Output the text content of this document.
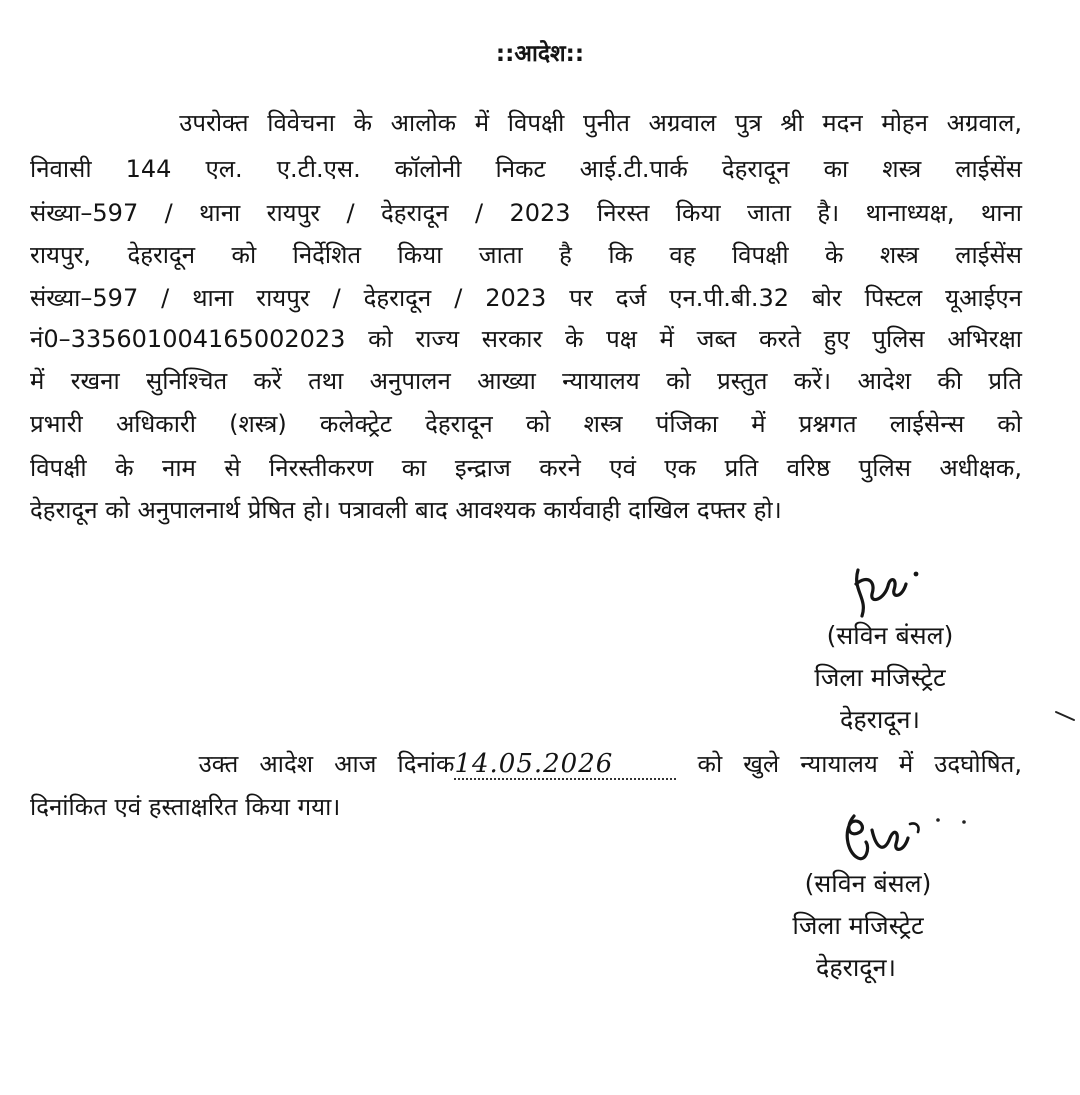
::आदेश::
उपरोक्त विवेचना के आलोक में विपक्षी पुनीत अग्रवाल पुत्र श्री मदन मोहन अग्रवाल,
निवासी 144 एल. ए.टी.एस. कॉलोनी निकट आई.टी.पार्क देहरादून का शस्त्र लाईसेंस
संख्या–597 / थाना रायपुर / देहरादून / 2023 निरस्त किया जाता है। थानाध्यक्ष, थाना
रायपुर, देहरादून को निर्देशित किया जाता है कि वह विपक्षी के शस्त्र लाईसेंस
संख्या–597 / थाना रायपुर / देहरादून / 2023 पर दर्ज एन.पी.बी.32 बोर पिस्टल यूआईएन
नं0–335601004165002023 को राज्य सरकार के पक्ष में जब्त करते हुए पुलिस अभिरक्षा
में रखना सुनिश्चित करें तथा अनुपालन आख्या न्यायालय को प्रस्तुत करें। आदेश की प्रति
प्रभारी अधिकारी (शस्त्र) कलेक्ट्रेट देहरादून को शस्त्र पंजिका में प्रश्नगत लाईसेन्स को
विपक्षी के नाम से निरस्तीकरण का इन्द्राज करने एवं एक प्रति वरिष्ठ पुलिस अधीक्षक,
देहरादून को अनुपालनार्थ प्रेषित हो। पत्रावली बाद आवश्यक कार्यवाही दाखिल दफ्तर हो।
(सविन बंसल)
जिला मजिस्ट्रेट
देहरादून।
उक्त आदेश आज दिनांक14.05.2026	को खुले न्यायालय में उदघोषित,
दिनांकित एवं हस्ताक्षरित किया गया।
(सविन बंसल)
जिला मजिस्ट्रेट
देहरादून।
